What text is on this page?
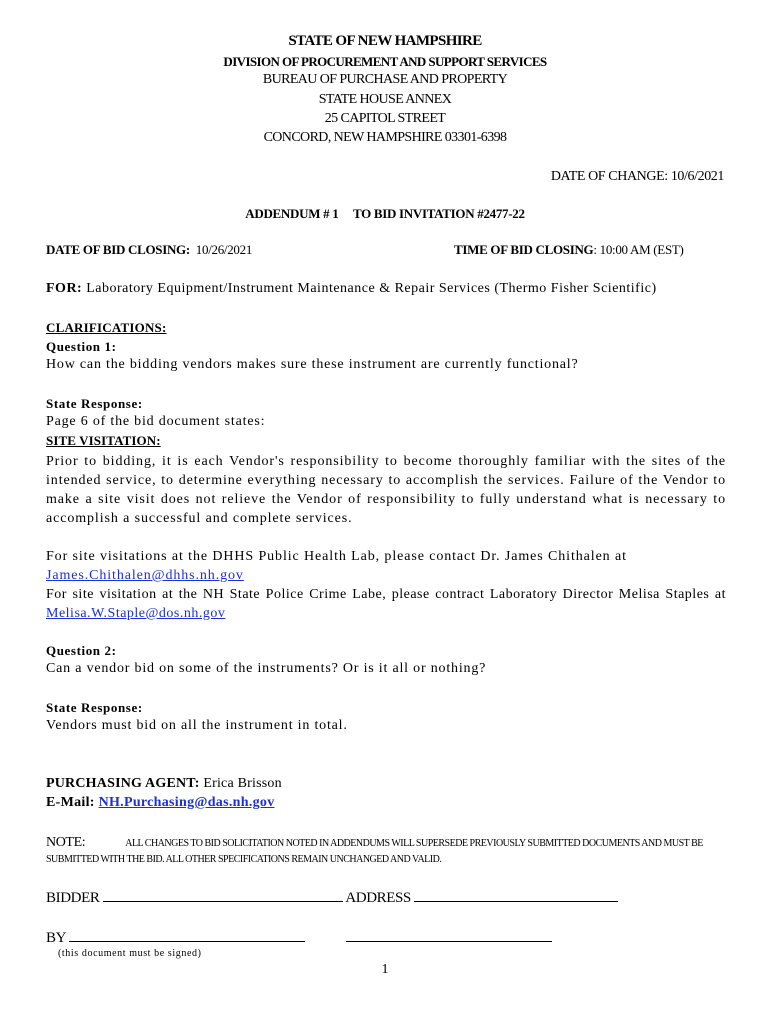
STATE OF NEW HAMPSHIRE
DIVISION OF PROCUREMENT AND SUPPORT SERVICES
BUREAU OF PURCHASE AND PROPERTY
STATE HOUSE ANNEX
25 CAPITOL STREET
CONCORD, NEW HAMPSHIRE 03301-6398
DATE OF CHANGE: 10/6/2021
ADDENDUM # 1     TO BID INVITATION #2477-22
DATE OF BID CLOSING: 10/26/2021	TIME OF BID CLOSING: 10:00 AM (EST)
FOR: Laboratory Equipment/Instrument Maintenance & Repair Services (Thermo Fisher Scientific)
CLARIFICATIONS:
Question 1:
How can the bidding vendors makes sure these instrument are currently functional?
State Response:
Page 6 of the bid document states:
SITE VISITATION:
Prior to bidding, it is each Vendor's responsibility to become thoroughly familiar with the sites of the intended service, to determine everything necessary to accomplish the services. Failure of the Vendor to make a site visit does not relieve the Vendor of responsibility to fully understand what is necessary to accomplish a successful and complete services.
For site visitations at the DHHS Public Health Lab, please contact Dr. James Chithalen at
James.Chithalen@dhhs.nh.gov
For site visitation at the NH State Police Crime Labe, please contract Laboratory Director Melisa Staples at Melisa.W.Staple@dos.nh.gov
Question 2:
Can a vendor bid on some of the instruments? Or is it all or nothing?
State Response:
Vendors must bid on all the instrument in total.
PURCHASING AGENT: Erica Brisson
E-Mail: NH.Purchasing@das.nh.gov
NOTE:	ALL CHANGES TO BID SOLICITATION NOTED IN ADDENDUMS WILL SUPERSEDE PREVIOUSLY SUBMITTED DOCUMENTS AND MUST BE SUBMITTED WITH THE BID. ALL OTHER SPECIFICATIONS REMAIN UNCHANGED AND VALID.
BIDDER	ADDRESS
BY
(this document must be signed)
1
